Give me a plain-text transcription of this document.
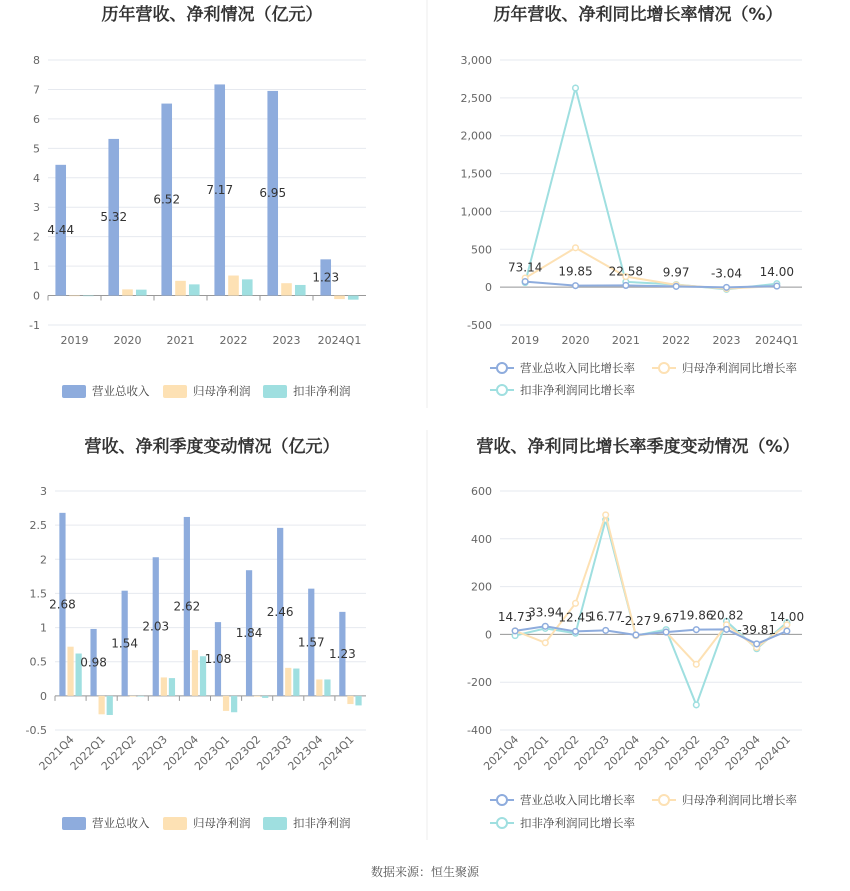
历年营收、净利情况（亿元）
-1
0
1
2
3
4
5
6
7
8
2019 2020 2021 2022 2023 2024Q1
4.44
5.32
6.52
7.17 6.95
1.23
营业总收入	归母净利润	扣非净利润
历年营收、净利同比增长率情况（%）
-500
0
500
1,000
1,500
2,000
2,500
3,000
2019 2020 2021 2022 2023 2024Q1
73.14 19.85 22.58 9.97 -3.04 14.00
营业总收入同比增长率	归母净利润同比增长率
扣非净利润同比增长率
营收、净利季度变动情况（亿元）
-0.5
0
0.5
1
1.5
2
2.5
3
2021Q4
2022Q1
2022Q2
2022Q3
2022Q4
2023Q1
2023Q2
2023Q3
2023Q4
2024Q1
2.68
0.98
1.54
2.03
2.62
1.08
1.84
2.46
1.57
1.23
营业总收入	归母净利润	扣非净利润
营收、净利同比增长率季度变动情况（%）
-400
-200
0
200
400
600
2021Q4
2022Q1
2022Q2
2022Q3
2022Q4
2023Q1
2023Q2
2023Q3
2023Q4
2024Q1
14.73
33.94
12.45
16.77
-2.27 9.67 19.86
20.82
-39.81
14.00
营业总收入同比增长率	归母净利润同比增长率
扣非净利润同比增长率
数据来源：恒生聚源
